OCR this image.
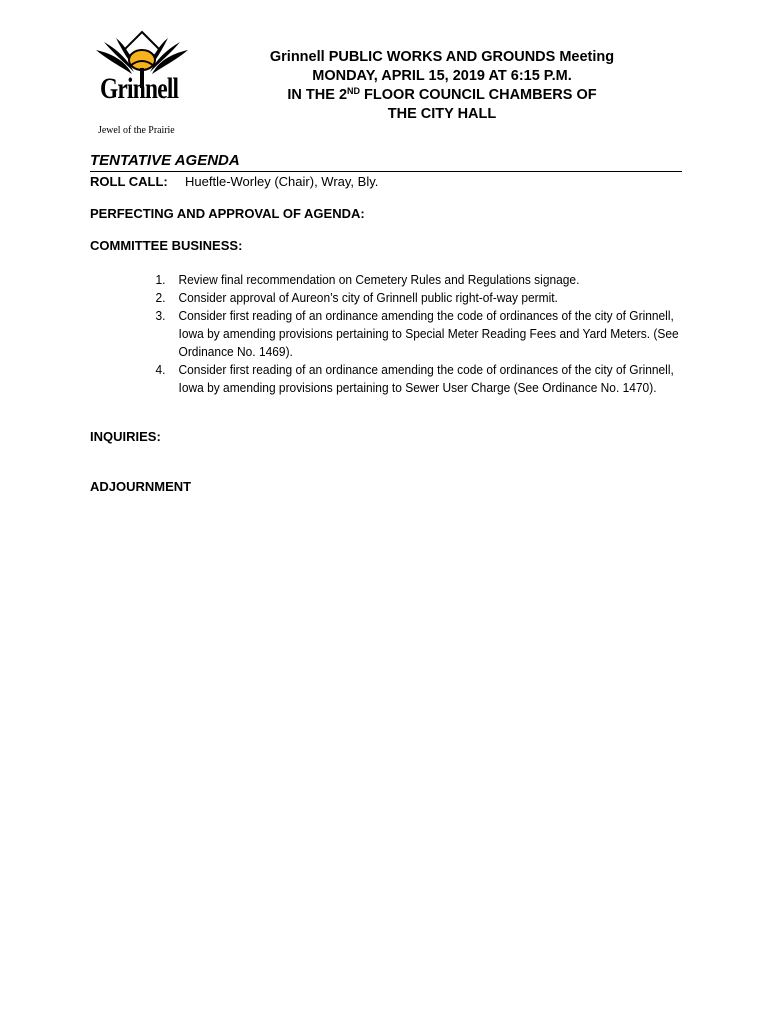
Grinnell
Jewel of the Prairie
Grinnell PUBLIC WORKS AND GROUNDS Meeting
MONDAY, APRIL 15, 2019 AT 6:15 P.M.
IN THE 2ND FLOOR COUNCIL CHAMBERS OF
THE CITY HALL
TENTATIVE AGENDA
ROLL CALL: Hueftle-Worley (Chair), Wray, Bly.
PERFECTING AND APPROVAL OF AGENDA:
COMMITTEE BUSINESS:
1. Review final recommendation on Cemetery Rules and Regulations signage.
2. Consider approval of Aureon’s city of Grinnell public right-of-way permit.
3. Consider first reading of an ordinance amending the code of ordinances of the city of Grinnell, Iowa by amending provisions pertaining to Special Meter Reading Fees and Yard Meters. (See Ordinance No. 1469).
4. Consider first reading of an ordinance amending the code of ordinances of the city of Grinnell, Iowa by amending provisions pertaining to Sewer User Charge (See Ordinance No. 1470).
INQUIRIES:
ADJOURNMENT
